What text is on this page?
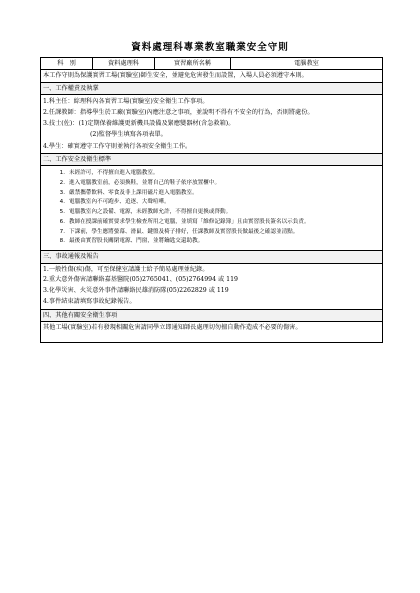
資料處理科專業教室職業安全守則
科　別	資料處理科	實習廠所名稱	電腦教室
本工作守則為保護實習工場(實驗室)師生安全，並避免危害發生而設置，入場人員必須遵守本則。
一、工作權責及執掌

1.科主任：綜理科內各實習工場(實驗室)安全衛生工作事項。
2.任課教師：指導學生於工廠(實驗室)內應注意之事項，並說明不得有不安全的行為，否則將處份。
3.技士(佐)：(1)定期保養維護更新機具設備及緊應變器材(含急救箱)。
(2)監督學生填寫各項表單。
4.學生：確實遵守工作守則並執行各項安全衛生工作。

二、工作安全及衛生標準

1. 未經許可，不得擅自進入電腦教室。
2. 進入電腦教室前，必須換鞋，並將自己的鞋子依序放置櫃中。
3. 嚴禁攜帶飲料、零食及非上課用磁片進入電腦教室。
4. 電腦教室內不可跑步、追逐、大聲喧嘩。
5. 電腦教室內之設備、電源，未經教師允許，不得擅自更換或啓動。
6. 教師在授課前確實要求學生檢查所用之電腦，並填寫「維修記錄簿」且由實習股長簽名以示負責。
7. 下課前，學生應將螢幕、滑鼠、鍵盤及椅子排好，任課教師及實習股長做最後之確認並清點。
8. 最後由實習股長關閉電源、門窗，並將鑰匙交還助教。

三、事故通報及報告

1.一般性傷(疾)傷，可至保健室請護士給予簡易處理並紀錄。
2.重大意外傷害請聯絡嘉基醫院(05)2765041、(05)2764994 或 119
3.化學災害、火災意外事件請聯絡民雄消防隊(05)2262829 或 119
4.事件結束請填寫事故紀錄報告。

四、其他有關安全衛生事項
其他工場(實驗室)若有發現相關危害請同學立即通知師長處理切勿擅自動作造成不必要的傷害。
